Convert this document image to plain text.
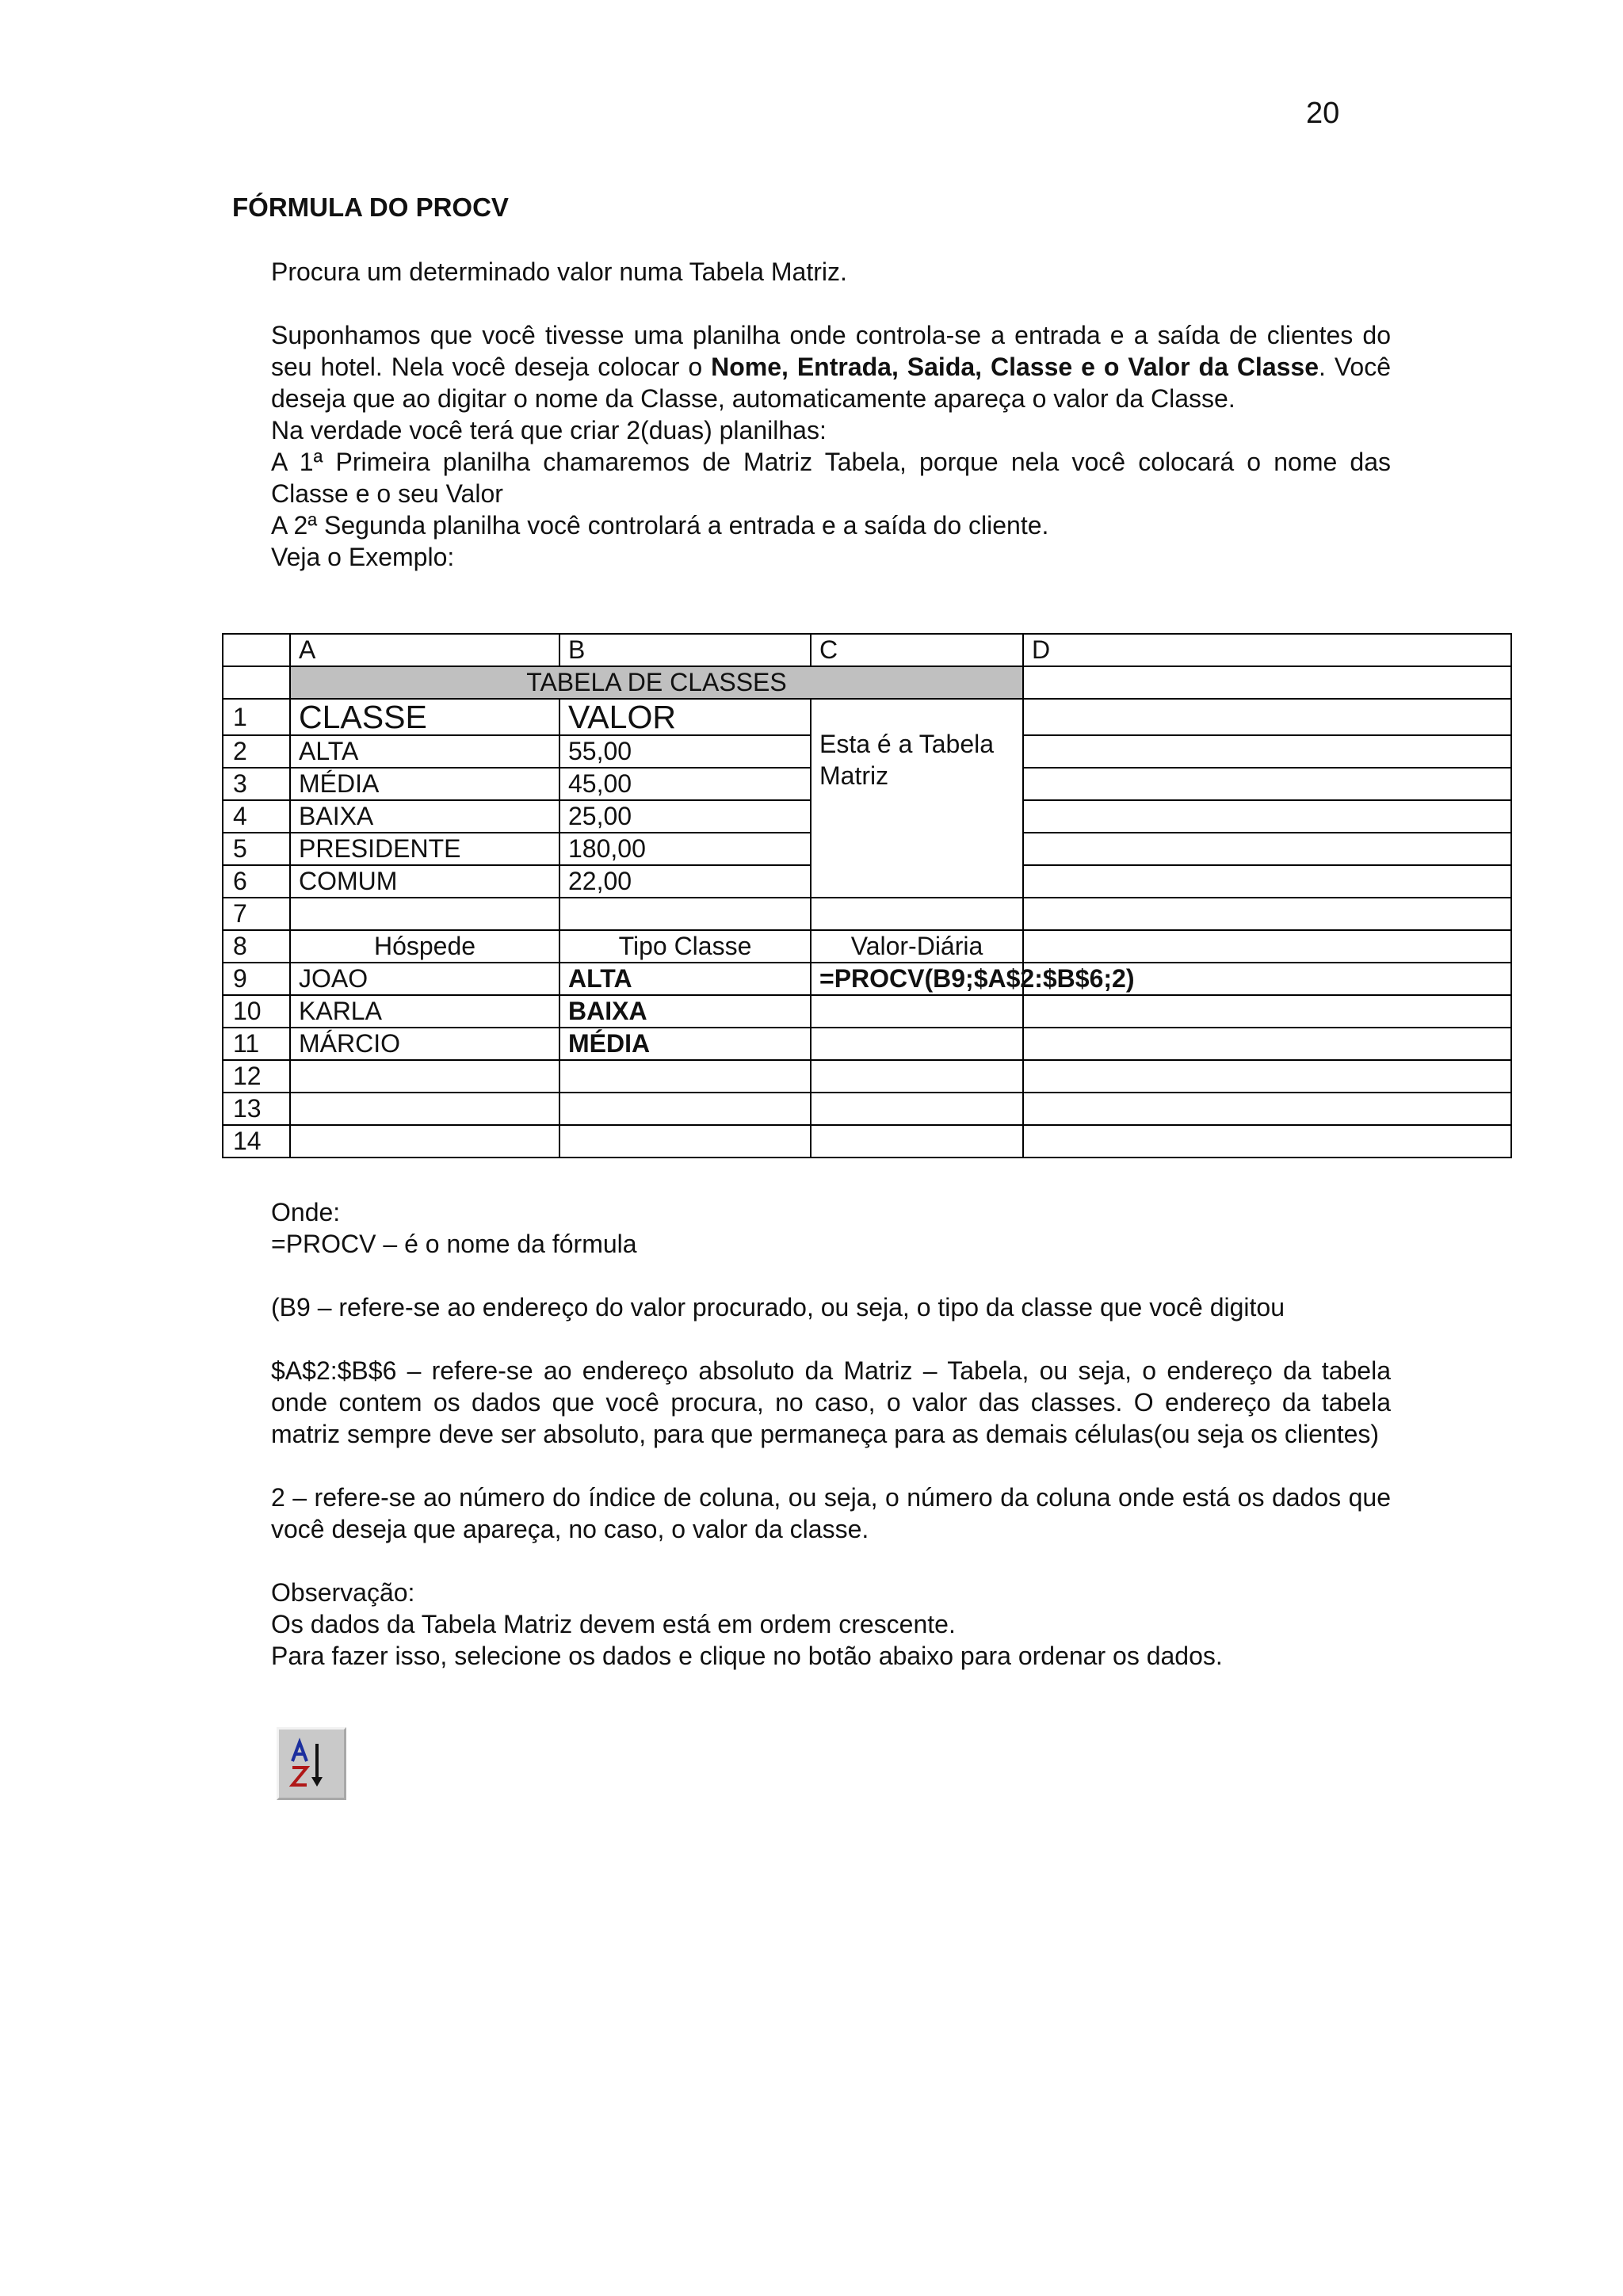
20
FÓRMULA DO PROCV
Procura um determinado valor numa Tabela Matriz.
Suponhamos que você tivesse uma planilha onde controla-se a entrada e a saída de clientes do seu hotel. Nela você deseja colocar o Nome, Entrada, Saida, Classe e o Valor da Classe. Você deseja que ao digitar o nome da Classe, automaticamente apareça o valor da Classe.
Na verdade você terá que criar 2(duas) planilhas:
A 1ª Primeira planilha chamaremos de Matriz Tabela, porque nela você colocará o nome das Classe e o seu Valor
A 2ª Segunda planilha você controlará a entrada e a saída do cliente.
Veja o Exemplo:
	A	B	C	D
	TABELA DE CLASSES			
1	CLASSE	VALOR	Esta é a Tabela Matriz	
2	ALTA	55,00		
3	MÉDIA	45,00		
4	BAIXA	25,00		
5	PRESIDENTE	180,00		
6	COMUM	22,00		
7				
8	Hóspede	Tipo Classe	Valor-Diária	
9	JOAO	ALTA	=PROCV(B9;$A$2:$B$6;2)	
10	KARLA	BAIXA		
11	MÁRCIO	MÉDIA		
12				
13				
14				
Onde:
=PROCV – é o nome da fórmula
(B9 – refere-se ao endereço do valor procurado, ou seja, o tipo da classe que você digitou
$A$2:$B$6 – refere-se ao endereço absoluto da Matriz – Tabela, ou seja, o endereço da tabela onde contem os dados que você procura, no caso, o valor das classes. O endereço da tabela matriz sempre deve ser absoluto, para que permaneça para as demais células(ou seja os clientes)
2 – refere-se ao número do índice de coluna, ou seja, o número da coluna onde está os dados que você deseja que apareça, no caso, o valor da classe.
Observação:
Os dados da Tabela Matriz devem está em ordem crescente.
Para fazer isso, selecione os dados e clique no botão abaixo para ordenar os dados.
